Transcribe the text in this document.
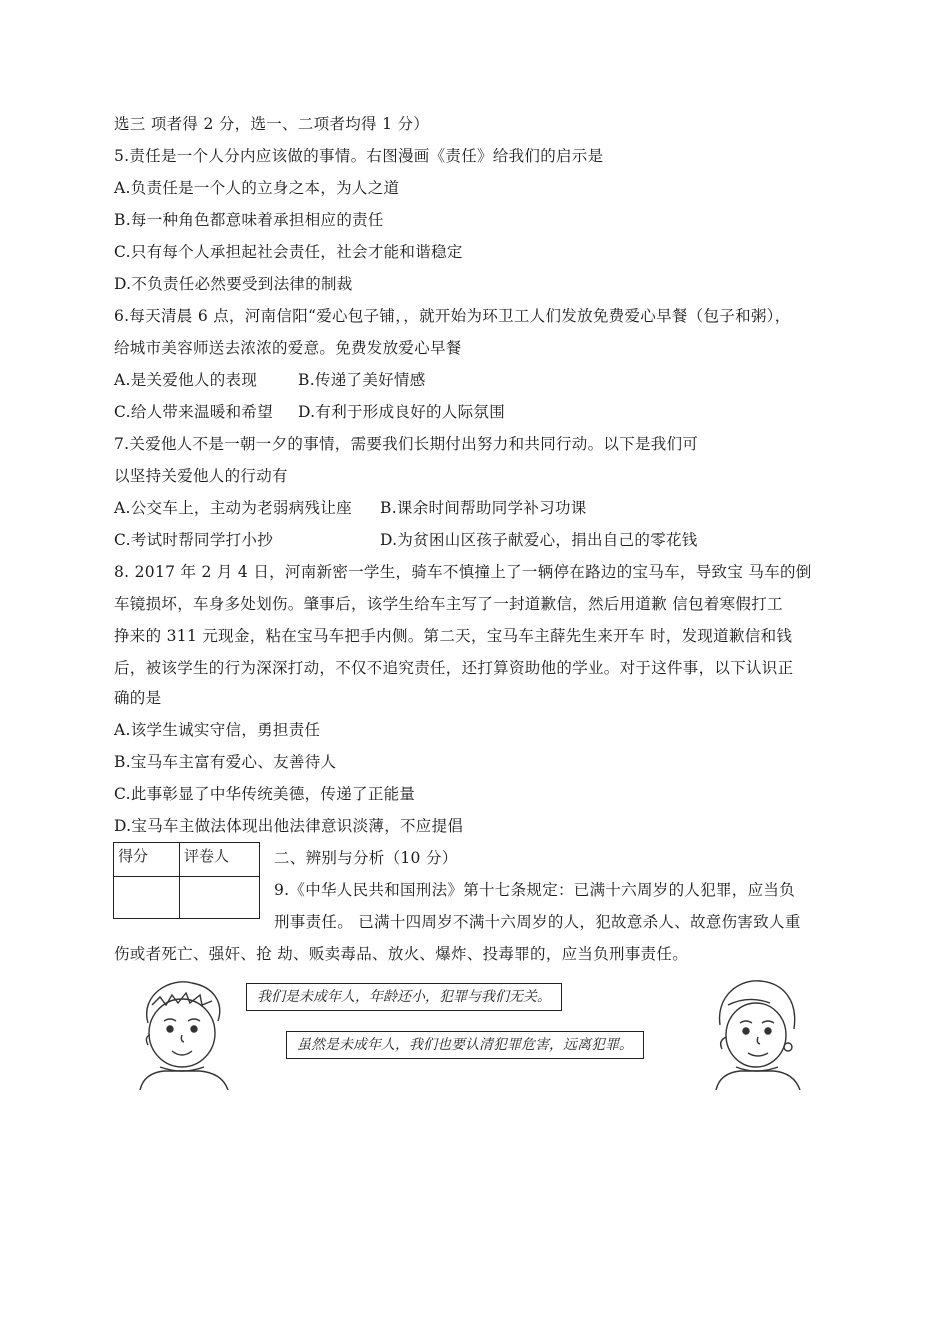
选三 项者得 2 分，选一、二项者均得 1 分）
5.责任是一个人分内应该做的事情。右图漫画《责任》给我们的启示是
A.负责任是一个人的立身之本，为人之道
B.每一种角色都意味着承担相应的责任
C.只有每个人承担起社会责任，社会才能和谐稳定
D.不负责任必然要受到法律的制裁
6.每天清晨 6 点，河南信阳“爱心包子铺，，就开始为环卫工人们发放免费爱心早餐（包子和粥），
给城市美容师送去浓浓的爱意。免费发放爱心早餐
A.是关爱他人的表现	B.传递了美好情感
C.给人带来温暖和希望 D.有利于形成良好的人际氛围
7.关爱他人不是一朝一夕的事情，需要我们长期付出努力和共同行动。以下是我们可
以坚持关爱他人的行动有
A.公交车上，主动为老弱病残让座 B.课余时间帮助同学补习功课
C.考试时帮同学打小抄	D.为贫困山区孩子献爱心，捐出自己的零花钱
8. 2017 年 2 月 4 日，河南新密一学生，骑车不慎撞上了一辆停在路边的宝马车，导致宝 马车的倒
车镜损坏，车身多处划伤。肇事后，该学生给车主写了一封道歉信，然后用道歉 信包着寒假打工
挣来的 311 元现金，粘在宝马车把手内侧。第二天，宝马车主薛先生来开车 时，发现道歉信和钱
后，被该学生的行为深深打动，不仅不追究责任，还打算资助他的学业。对于这件事，以下认识正
确的是
A.该学生诚实守信，勇担责任
B.宝马车主富有爱心、友善待人
C.此事彰显了中华传统美德，传递了正能量
D.宝马车主做法体现出他法律意识淡薄，不应提倡
得分	评卷人
		二、辨别与分析（10 分）
9.《中华人民共和国刑法》第十七条规定：已满十六周岁的人犯罪，应当负
刑事责任。 已满十四周岁不满十六周岁的人，犯故意杀人、故意伤害致人重
伤或者死亡、强奸、抢 劫、贩卖毒品、放火、爆炸、投毒罪的，应当负刑事责任。
我们是未成年人，年龄还小，犯罪与我们无关。
虽然是未成年人，我们也要认清犯罪危害，远离犯罪。
